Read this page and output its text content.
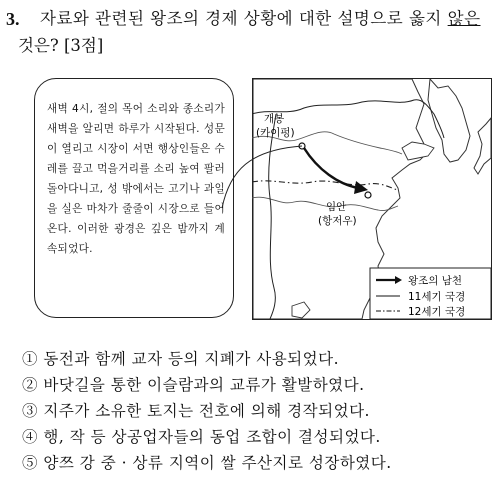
3. 자료와 관련된 왕조의 경제 상황에 대한 설명으로 옳지 않은
것은? [3점]
새벽 4시, 절의 목어 소리와 종소리가 새벽을 알리면 하루가 시작된다. 성문이 열리고 시장이 서면 행상인들은 수레를 끌고 먹을거리를 소리 높여 팔러 돌아다니고, 성 밖에서는 고기나 과일을 실은 마차가 줄줄이 시장으로 들어온다. 이러한 광경은 깊은 밤까지 계속되었다.
개봉
(카이펑)
임안
(항저우)
왕조의 남천
11세기 국경
12세기 국경
① 동전과 함께 교자 등의 지폐가 사용되었다.
② 바닷길을 통한 이슬람과의 교류가 활발하였다.
③ 지주가 소유한 토지는 전호에 의해 경작되었다.
④ 행, 작 등 상공업자들의 동업 조합이 결성되었다.
⑤ 양쯔 강 중 · 상류 지역이 쌀 주산지로 성장하였다.
